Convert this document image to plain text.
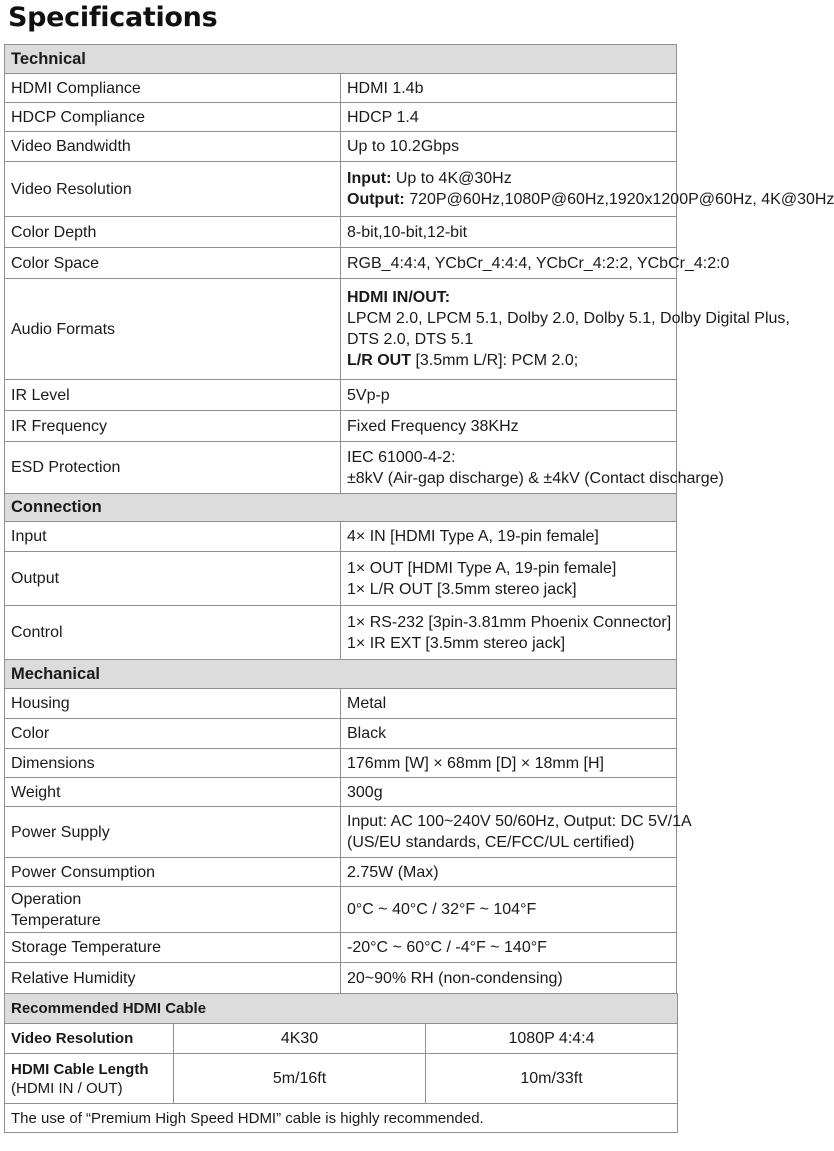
Specifications
Technical	
HDMI Compliance	HDMI 1.4b
HDCP Compliance	HDCP 1.4
Video Bandwidth	Up to 10.2Gbps
Video Resolution	Input: Up to 4K@30Hz
Output: 720P@60Hz,1080P@60Hz,1920x1200P@60Hz, 4K@30Hz

Color Depth	8-bit,10-bit,12-bit
Color Space	RGB_4:4:4, YCbCr_4:4:4, YCbCr_4:2:2, YCbCr_4:2:0
Audio Formats	HDMI IN/OUT:
LPCM 2.0, LPCM 5.1, Dolby 2.0, Dolby 5.1, Dolby Digital Plus,
DTS 2.0, DTS 5.1
L/R OUT [3.5mm L/R]: PCM 2.0;

IR Level	5Vp-p
IR Frequency	Fixed Frequency 38KHz
ESD Protection	IEC 61000-4-2:
±8kV (Air-gap discharge) & ±4kV (Contact discharge)
Connection	
Input	4× IN [HDMI Type A, 19-pin female]
Output	1× OUT [HDMI Type A, 19-pin female]
1× L/R OUT [3.5mm stereo jack]

Control	1× RS-232 [3pin-3.81mm Phoenix Connector]
1× IR EXT [3.5mm stereo jack]

Mechanical	
Housing	Metal
Color	Black
Dimensions	176mm [W] × 68mm [D] × 18mm [H]
Weight	300g
Power Supply	Input: AC 100~240V 50/60Hz, Output: DC 5V/1A
(US/EU standards, CE/FCC/UL certified)

Power Consumption	2.75W (Max)

Operation
Temperature	0°C ~ 40°C / 32°F ~ 104°F
Storage Temperature	-20°C ~ 60°C / -4°F ~ 140°F
Relative Humidity	20~90% RH (non-condensing)
Recommended HDMI Cable		
Video Resolution	4K30	1080P 4:4:4

HDMI Cable Length
(HDMI IN / OUT)	5m/16ft	10m/33ft
The use of “Premium High Speed HDMI” cable is highly recommended.		
